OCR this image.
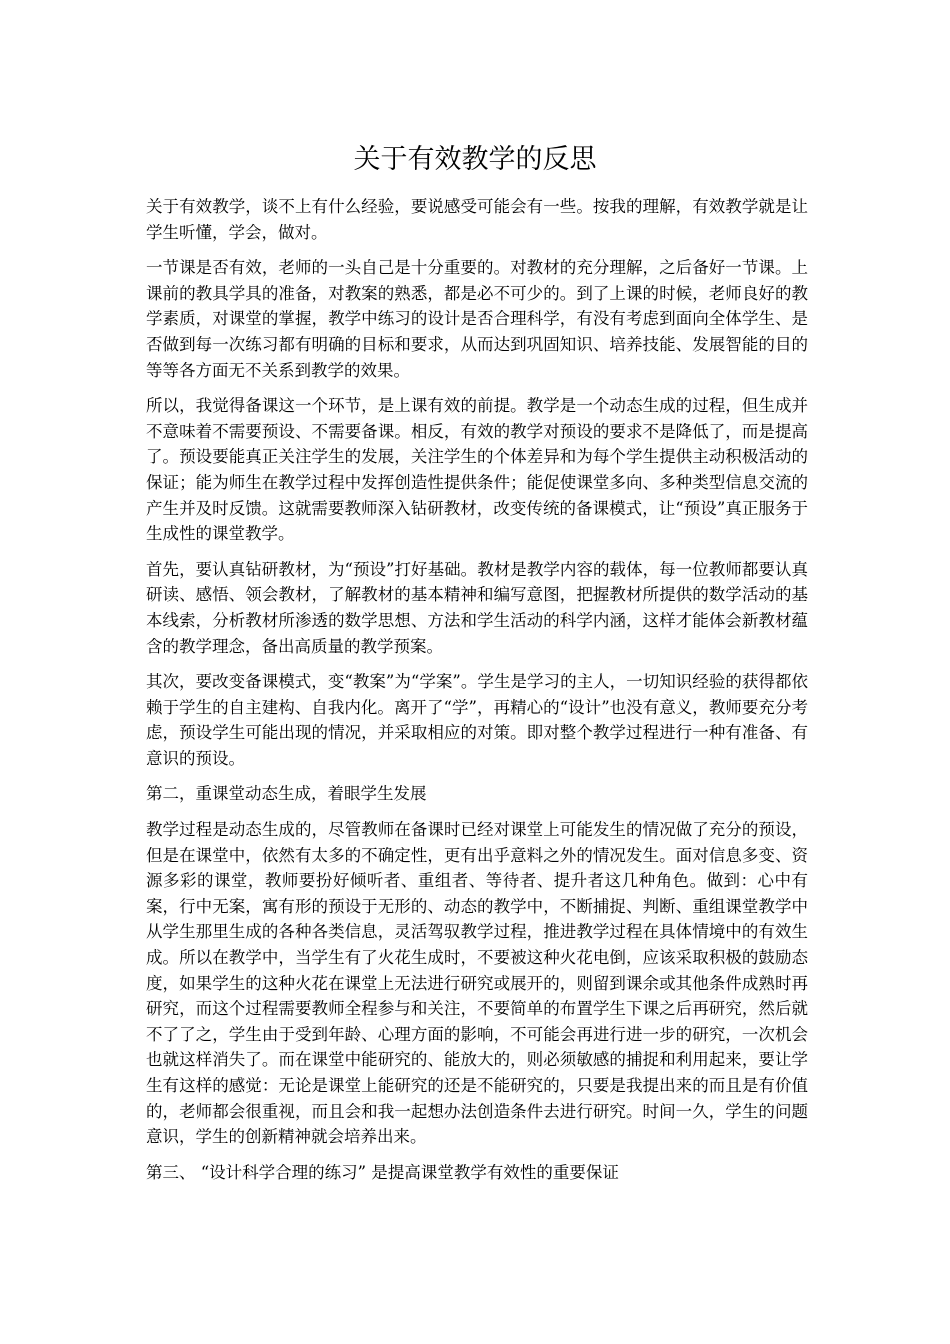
关于有效教学的反思

关于有效教学，谈不上有什么经验，要说感受可能会有一些。按我的理解，有效教学就是让学生听懂，学会，做对。

一节课是否有效，老师的一头自己是十分重要的。对教材的充分理解，之后备好一节课。上课前的教具学具的准备，对教案的熟悉，都是必不可少的。到了上课的时候，老师良好的教学素质，对课堂的掌握，教学中练习的设计是否合理科学，有没有考虑到面向全体学生、是否做到每一次练习都有明确的目标和要求，从而达到巩固知识、培养技能、发展智能的目的等等各方面无不关系到教学的效果。

所以，我觉得备课这一个环节，是上课有效的前提。教学是一个动态生成的过程，但生成并不意味着不需要预设、不需要备课。相反，有效的教学对预设的要求不是降低了，而是提高了。预设要能真正关注学生的发展，关注学生的个体差异和为每个学生提供主动积极活动的保证；能为师生在教学过程中发挥创造性提供条件；能促使课堂多向、多种类型信息交流的产生并及时反馈。这就需要教师深入钻研教材，改变传统的备课模式，让“预设”真正服务于生成性的课堂教学。

首先，要认真钻研教材，为“预设”打好基础。教材是教学内容的载体，每一位教师都要认真研读、感悟、领会教材，了解教材的基本精神和编写意图，把握教材所提供的数学活动的基本线索，分析教材所渗透的数学思想、方法和学生活动的科学内涵，这样才能体会新教材蕴含的教学理念，备出高质量的教学预案。

其次，要改变备课模式，变“教案”为“学案”。学生是学习的主人，一切知识经验的获得都依赖于学生的自主建构、自我内化。离开了“学”，再精心的“设计”也没有意义，教师要充分考虑，预设学生可能出现的情况，并采取相应的对策。即对整个教学过程进行一种有准备、有意识的预设。

第二，重课堂动态生成，着眼学生发展

教学过程是动态生成的，尽管教师在备课时已经对课堂上可能发生的情况做了充分的预设，但是在课堂中，依然有太多的不确定性，更有出乎意料之外的情况发生。面对信息多变、资源多彩的课堂，教师要扮好倾听者、重组者、等待者、提升者这几种角色。做到：心中有案，行中无案，寓有形的预设于无形的、动态的教学中，不断捕捉、判断、重组课堂教学中从学生那里生成的各种各类信息，灵活驾驭教学过程，推进教学过程在具体情境中的有效生成。所以在教学中，当学生有了火花生成时，不要被这种火花电倒，应该采取积极的鼓励态度，如果学生的这种火花在课堂上无法进行研究或展开的，则留到课余或其他条件成熟时再研究，而这个过程需要教师全程参与和关注，不要简单的布置学生下课之后再研究，然后就不了了之，学生由于受到年龄、心理方面的影响，不可能会再进行进一步的研究，一次机会也就这样消失了。而在课堂中能研究的、能放大的，则必须敏感的捕捉和利用起来，要让学生有这样的感觉：无论是课堂上能研究的还是不能研究的，只要是我提出来的而且是有价值的，老师都会很重视，而且会和我一起想办法创造条件去进行研究。时间一久，学生的问题意识，学生的创新精神就会培养出来。

第三、 “设计科学合理的练习” 是提高课堂教学有效性的重要保证
